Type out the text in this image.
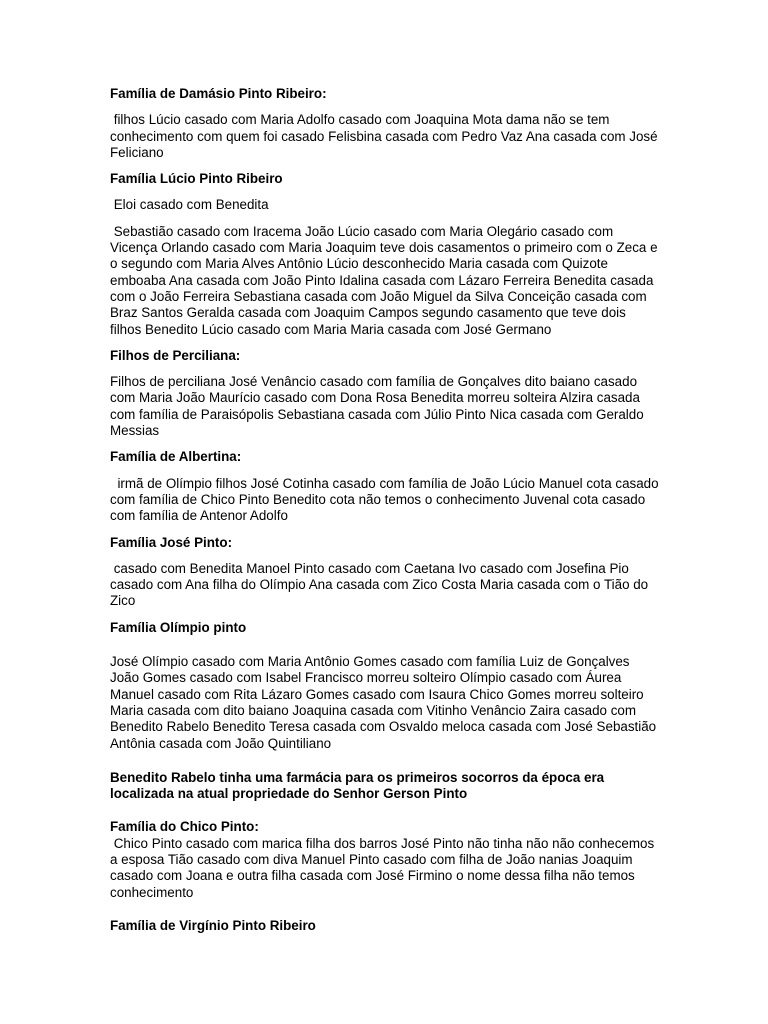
Família de Damásio Pinto Ribeiro:

filhos Lúcio casado com Maria Adolfo casado com Joaquina Mota dama não se tem conhecimento com quem foi casado Felisbina casada com Pedro Vaz Ana casada com José Feliciano

Família Lúcio Pinto Ribeiro

Eloi casado com Benedita

Sebastião casado com Iracema João Lúcio casado com Maria Olegário casado com Vicença Orlando casado com Maria Joaquim teve dois casamentos o primeiro com o Zeca e o segundo com Maria Alves Antônio Lúcio desconhecido Maria casada com Quizote emboaba Ana casada com João Pinto Idalina casada com Lázaro Ferreira Benedita casada com o João Ferreira Sebastiana casada com João Miguel da Silva Conceição casada com Braz Santos Geralda casada com Joaquim Campos segundo casamento que teve dois filhos Benedito Lúcio casado com Maria Maria casada com José Germano

Filhos de Perciliana:

Filhos de perciliana José Venâncio casado com família de Gonçalves dito baiano casado com Maria João Maurício casado com Dona Rosa Benedita morreu solteira Alzira casada com família de Paraisópolis Sebastiana casada com Júlio Pinto Nica casada com Geraldo Messias

Família de Albertina:

irmã de Olímpio filhos José Cotinha casado com família de João Lúcio Manuel cota casado com família de Chico Pinto Benedito cota não temos o conhecimento Juvenal cota casado com família de Antenor Adolfo

Família José Pinto:

casado com Benedita Manoel Pinto casado com Caetana Ivo casado com Josefina Pio casado com Ana filha do Olímpio Ana casada com Zico Costa Maria casada com o Tião do Zico

Família Olímpio pinto

José Olímpio casado com Maria Antônio Gomes casado com família Luiz de Gonçalves João Gomes casado com Isabel Francisco morreu solteiro Olímpio casado com Áurea Manuel casado com Rita Lázaro Gomes casado com Isaura Chico Gomes morreu solteiro Maria casada com dito baiano Joaquina casada com Vitinho Venâncio Zaira casado com Benedito Rabelo Benedito Teresa casada com Osvaldo meloca casada com José Sebastião Antônia casada com João Quintiliano

Benedito Rabelo tinha uma farmácia para os primeiros socorros da época era localizada na atual propriedade do Senhor Gerson Pinto

Família do Chico Pinto:

Chico Pinto casado com marica filha dos barros José Pinto não tinha não não conhecemos a esposa Tião casado com diva Manuel Pinto casado com filha de João nanias Joaquim casado com Joana e outra filha casada com José Firmino o nome dessa filha não temos conhecimento

Família de Virgínio Pinto Ribeiro
